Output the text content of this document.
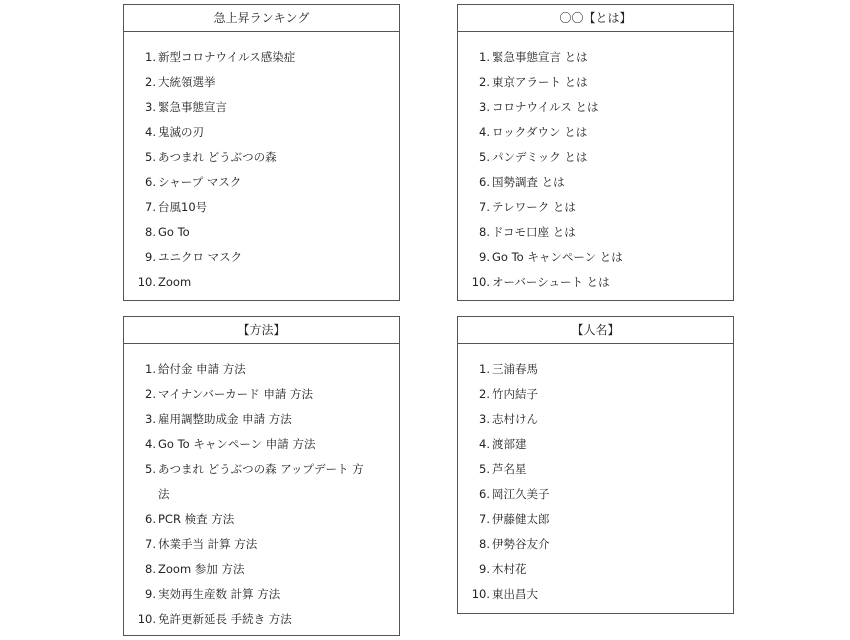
急上昇ランキング
1. 新型コロナウイルス感染症
2. 大統領選挙
3. 緊急事態宣言
4. 鬼滅の刃
5. あつまれ どうぶつの森
6. シャープ マスク
7. 台風10号
8. Go To
9. ユニクロ マスク
10. Zoom
〇〇【とは】
1. 緊急事態宣言 とは
2. 東京アラート とは
3. コロナウイルス とは
4. ロックダウン とは
5. パンデミック とは
6. 国勢調査 とは
7. テレワーク とは
8. ドコモ口座 とは
9. Go To キャンペーン とは
10. オーバーシュート とは
【方法】
1. 給付金 申請 方法
2. マイナンバーカード 申請 方法
3. 雇用調整助成金 申請 方法
4. Go To キャンペーン 申請 方法
5. あつまれ どうぶつの森 アップデート 方法
6. PCR 検査 方法
7. 休業手当 計算 方法
8. Zoom 参加 方法
9. 実効再生産数 計算 方法
10. 免許更新延長 手続き 方法
【人名】
1. 三浦春馬
2. 竹内結子
3. 志村けん
4. 渡部建
5. 芦名星
6. 岡江久美子
7. 伊藤健太郎
8. 伊勢谷友介
9. 木村花
10. 東出昌大
